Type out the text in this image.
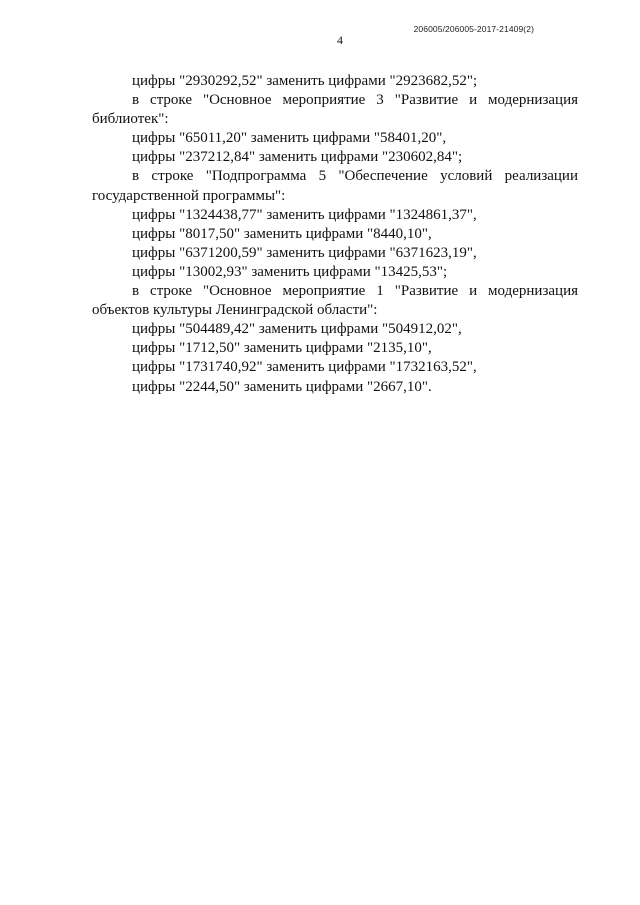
206005/206005-2017-21409(2)
4
цифры "2930292,52" заменить цифрами "2923682,52";
в строке "Основное мероприятие 3 "Развитие и модернизация
библиотек":
цифры "65011,20" заменить цифрами "58401,20",
цифры "237212,84" заменить цифрами "230602,84";
в строке "Подпрограмма 5 "Обеспечение условий реализации
государственной программы":
цифры "1324438,77" заменить цифрами "1324861,37",
цифры "8017,50" заменить цифрами "8440,10",
цифры "6371200,59" заменить цифрами "6371623,19",
цифры "13002,93" заменить цифрами "13425,53";
в строке "Основное мероприятие 1 "Развитие и модернизация
объектов культуры Ленинградской области":
цифры "504489,42" заменить цифрами "504912,02",
цифры "1712,50" заменить цифрами "2135,10",
цифры "1731740,92" заменить цифрами "1732163,52",
цифры "2244,50" заменить цифрами "2667,10".
